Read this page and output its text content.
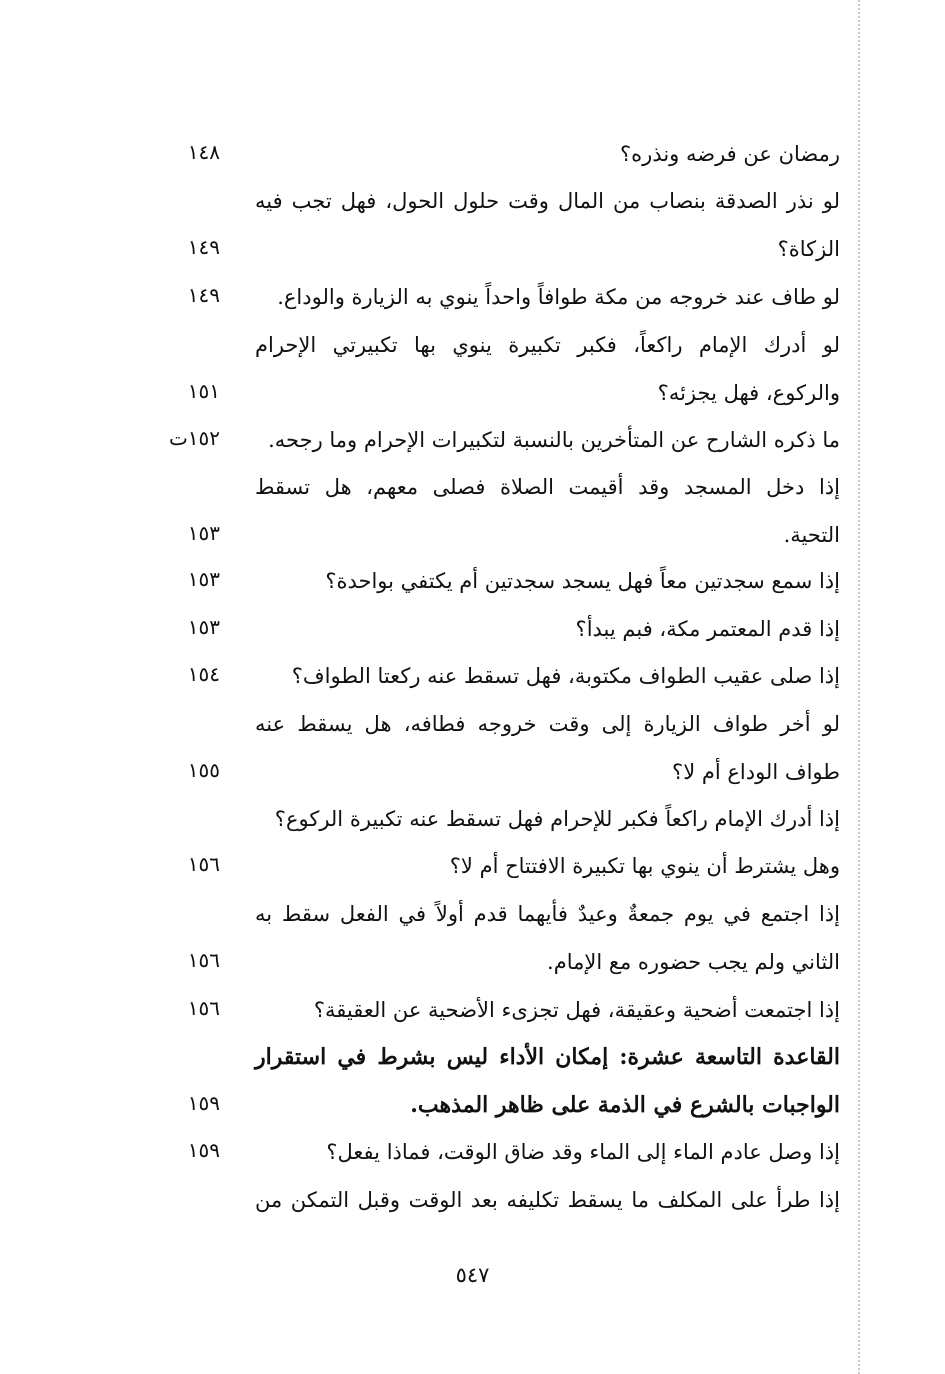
رمضان عن فرضه ونذره؟
لو نذر الصدقة بنصاب من المال وقت حلول الحول، فهل تجب فيه
الزكاة؟
لو طاف عند خروجه من مكة طوافاً واحداً ينوي به الزيارة والوداع.
لو أدرك الإمام راكعاً، فكبر تكبيرة ينوي بها تكبيرتي الإحرام
والركوع، فهل يجزئه؟
ما ذكره الشارح عن المتأخرين بالنسبة لتكبيرات الإحرام وما رجحه.
إذا دخل المسجد وقد أقيمت الصلاة فصلى معهم، هل تسقط
التحية.
إذا سمع سجدتين معاً فهل يسجد سجدتين أم يكتفي بواحدة؟
إذا قدم المعتمر مكة، فبم يبدأ؟
إذا صلى عقيب الطواف مكتوبة، فهل تسقط عنه ركعتا الطواف؟
لو أخر طواف الزيارة إلى وقت خروجه فطافه، هل يسقط عنه
طواف الوداع أم لا؟
إذا أدرك الإمام راكعاً فكبر للإحرام فهل تسقط عنه تكبيرة الركوع؟
وهل يشترط أن ينوي بها تكبيرة الافتتاح أم لا؟
إذا اجتمع في يوم جمعةٌ وعيدٌ فأيهما قدم أولاً في الفعل سقط به
الثاني ولم يجب حضوره مع الإمام.
إذا اجتمعت أضحية وعقيقة، فهل تجزىء الأضحية عن العقيقة؟
القاعدة التاسعة عشرة: إمكان الأداء ليس بشرط في استقرار
الواجبات بالشرع في الذمة على ظاهر المذهب.
إذا وصل عادم الماء إلى الماء وقد ضاق الوقت، فماذا يفعل؟
إذا طرأ على المكلف ما يسقط تكليفه بعد الوقت وقبل التمكن من
١٤٨
١٤٩
١٤٩
١٥١
١٥٢ت
١٥٣
١٥٣
١٥٣
١٥٤
١٥٥
١٥٦
١٥٦
١٥٦
١٥٩
١٥٩
٥٤٧
